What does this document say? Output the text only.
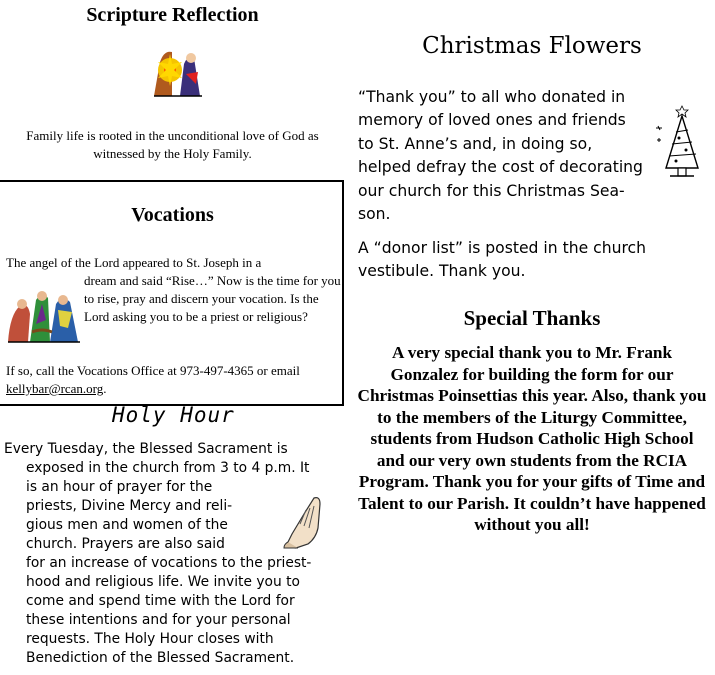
Scripture Reflection
Family life is rooted in the unconditional love of God as witnessed by the Holy Family.
Vocations
The angel of the Lord appeared to St. Joseph in a
dream and said “Rise…” Now is the time for you to rise, pray and discern your vocation. Is the Lord asking you to be a priest or religious?
If so, call the Vocations Office at 973-497-4365 or email kellybar@rcan.org.
Holy Hour
Every Tuesday, the Blessed Sacrament is
exposed in the church from 3 to 4 p.m. It
is an hour of prayer for the
priests, Divine Mercy and reli-
gious men and women of the
church. Prayers are also said
for an increase of vocations to the priest-
hood and religious life. We invite you to
come and spend time with the Lord for
these intentions and for your personal
requests. The Holy Hour closes with
Benediction of the Blessed Sacrament.
Christmas Flowers
“Thank you” to all who donated in
memory of loved ones and friends
to St. Anne’s and, in doing so,
helped defray the cost of decorating
our church for this Christmas Sea-
son.
A “donor list” is posted in the church vestibule. Thank you.
Special Thanks
A very special thank you to Mr. Frank Gonzalez for building the form for our Christmas Poinsettias this year. Also, thank you to the members of the Liturgy Committee, students from Hudson Catholic High School and our very own students from the RCIA Program. Thank you for your gifts of Time and Talent to our Parish. It couldn’t have happened without you all!
